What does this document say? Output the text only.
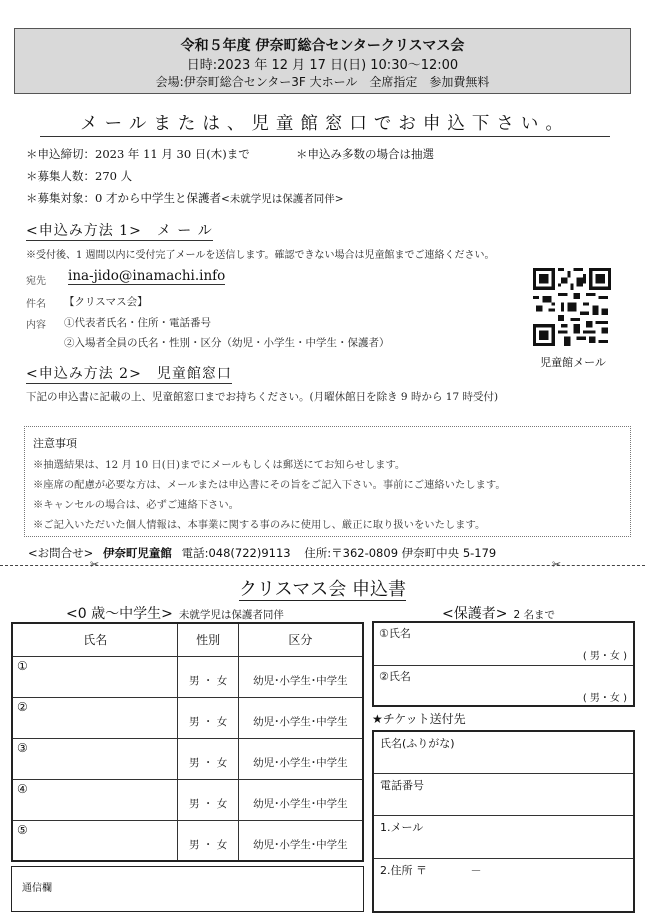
令和５年度 伊奈町総合センタークリスマス会
日時:2023 年 12 月 17 日(日) 10:30～12:00
会場:伊奈町総合センター3F 大ホール　全席指定　参加費無料
メールまたは、児童館窓口でお申込下さい。
＊申込締切：2023 年 11 月 30 日(木)まで	＊申込み多数の場合は抽選
＊募集人数：270 人
＊募集対象：0 才から中学生と保護者<未就学児は保護者同伴>
<申込み方法 1>　メ ー ル
※受付後、1 週間以内に受付完了メールを送信します。確認できない場合は児童館までご連絡ください。
宛先 ina-jido@inamachi.info
件名 【クリスマス会】
内容 ①代表者氏名・住所・電話番号
②入場者全員の氏名・性別・区分（幼児・小学生・中学生・保護者）
児童館メール
<申込み方法 2>　児童館窓口
下記の申込書に記載の上、児童館窓口までお持ちください。(月曜休館日を除き 9 時から 17 時受付)
注意事項
※抽選結果は、12 月 10 日(日)までにメールもしくは郵送にてお知らせします。
※座席の配慮が必要な方は、メールまたは申込書にその旨をご記入下さい。事前にご連絡いたします。
※キャンセルの場合は、必ずご連絡下さい。
※ご記入いただいた個人情報は、本事業に関する事のみに使用し、厳正に取り扱いをいたします。
<お問合せ> 伊奈町児童館 電話:048(722)9113 住所:〒362-0809 伊奈町中央 5-179
✂	✂
クリスマス会 申込書
<0 歳～中学生> 未就学児は保護者同伴	<保護者> 2 名まで
氏名	性別	区分
①	男 ・ 女	幼児･小学生･中学生
②	男 ・ 女	幼児･小学生･中学生
③	男 ・ 女	幼児･小学生･中学生
④	男 ・ 女	幼児･小学生･中学生
⑤	男 ・ 女	幼児･小学生･中学生
通信欄
①氏名
( 男・女 )
②氏名
( 男・女 )
★チケット送付先
氏名(ふりがな)
電話番号
1.メール
2.住所 〒	－
